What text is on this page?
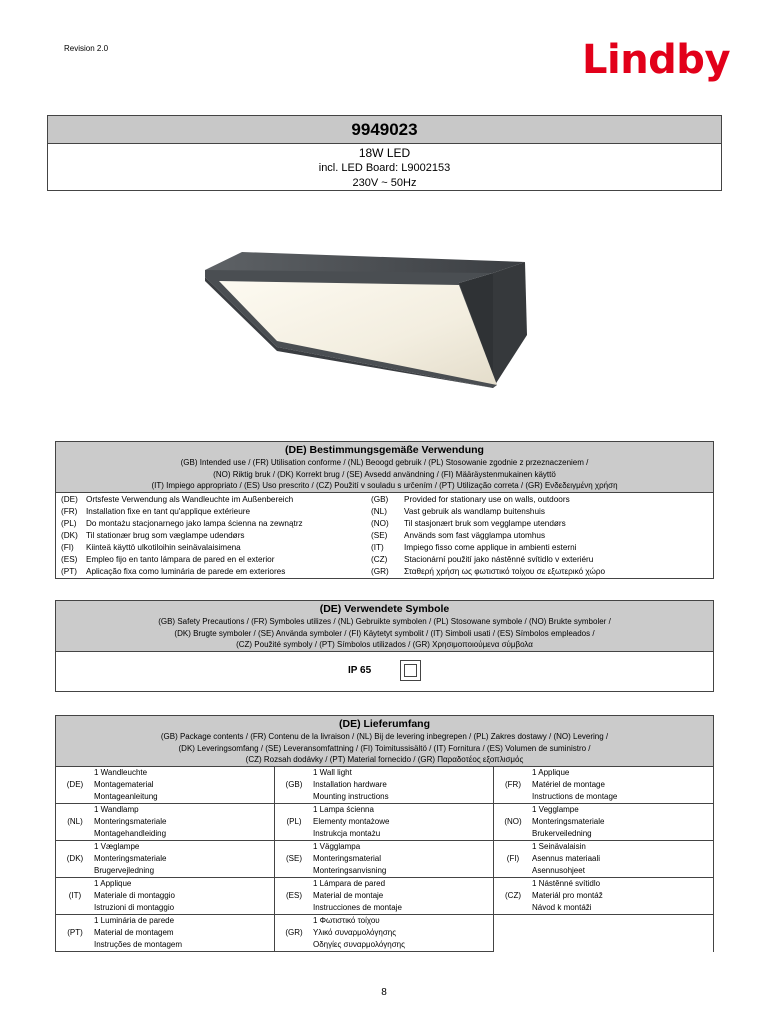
Revision 2.0	Lindby
9949023
18W LED
incl. LED Board: L9002153
230V ~ 50Hz
(DE) Bestimmungsgemäße Verwendung
(GB) Intended use / (FR) Utilisation conforme / (NL) Beoogd gebruik / (PL) Stosowanie zgodnie z przeznaczeniem /
(NO) Riktig bruk / (DK) Korrekt brug / (SE) Avsedd användning / (FI) Määräystenmukainen käyttö
(IT) Impiego appropriato / (ES) Uso prescrito / (CZ) Použití v souladu s určením / (PT) Utilização correta / (GR) Ενδεδειγμένη χρήση
(DE) Ortsfeste Verwendung als Wandleuchte im Außenbereich	(GB)	Provided for stationary use on walls, outdoors
(FR)	Installation fixe en tant qu'applique extérieure	(NL)	Vast gebruik als wandlamp buitenshuis
(PL)	Do montażu stacjonarnego jako lampa ścienna na zewnątrz	(NO)	Til stasjonært bruk som vegglampe utendørs
(DK) Til stationær brug som væglampe udendørs	(SE)	Används som fast vägglampa utomhus
(FI)	Kiinteä käyttö ulkotiloihin seinävalaisimena	(IT)	Impiego fisso come applique in ambienti esterni
(ES)	Empleo fijo en tanto lámpara de pared en el exterior	(CZ)	Stacionární použití jako nástěnné svítidlo v exteriéru
(PT)	Aplicação fixa como luminária de parede em exteriores	(GR)	Σταθερή χρήση ως φωτιστικό τοίχου σε εξωτερικό χώρο
(DE) Verwendete Symbole
(GB) Safety Precautions / (FR) Symboles utilizes / (NL) Gebruikte symbolen / (PL) Stosowane symbole / (NO) Brukte symboler /
(DK) Brugte symboler / (SE) Använda symboler / (FI) Käytetyt symbolit / (IT) Simboli usati / (ES) Símbolos empleados /
(CZ) Použité symboly / (PT) Símbolos utilizados / (GR) Χρησιμοποιούμενα σύμβολα
IP 65
(DE) Lieferumfang
(GB) Package contents / (FR) Contenu de la livraison / (NL) Bij de levering inbegrepen / (PL) Zakres dostawy / (NO) Levering /
(DK) Leveringsomfang / (SE) Leveransomfattning / (FI) Toimitussisältö / (IT) Fornitura / (ES) Volumen de suministro /
(CZ) Rozsah dodávky / (PT) Material fornecido / (GR) Παραδοτέος εξοπλισμός
(DE)
1 Wandleuchte
Montagematerial
Montageanleitung
(GB)
1 Wall light
Installation hardware
Mounting instructions
(FR)
1 Applique
Matériel de montage
Instructions de montage
(NL)
1 Wandlamp
Monteringsmateriale
Montagehandleiding
(PL)
1 Lampa ścienna
Elementy montażowe
Instrukcja montażu
(NO)
1 Vegglampe
Monteringsmateriale
Brukerveiledning
(DK)
1 Væglampe
Monteringsmateriale
Brugervejledning
(SE)
1 Vägglampa
Monteringsmaterial
Monteringsanvisning
(FI)
1 Seinävalaisin
Asennus materiaali
Asennusohjeet
(IT)
1 Applique
Materiale di montaggio
Istruzioni di montaggio
(ES)
1 Lámpara de pared
Material de montaje
Instrucciones de montaje
(CZ)
1 Nástěnné svítidlo
Materiál pro montáž
Návod k montáži
(PT)
1 Luminária de parede
Material de montagem
Instruções de montagem
(GR)
1 Φωτιστικό τοίχου
Υλικό συναρμολόγησης
Οδηγίες συναρμολόγησης
8
